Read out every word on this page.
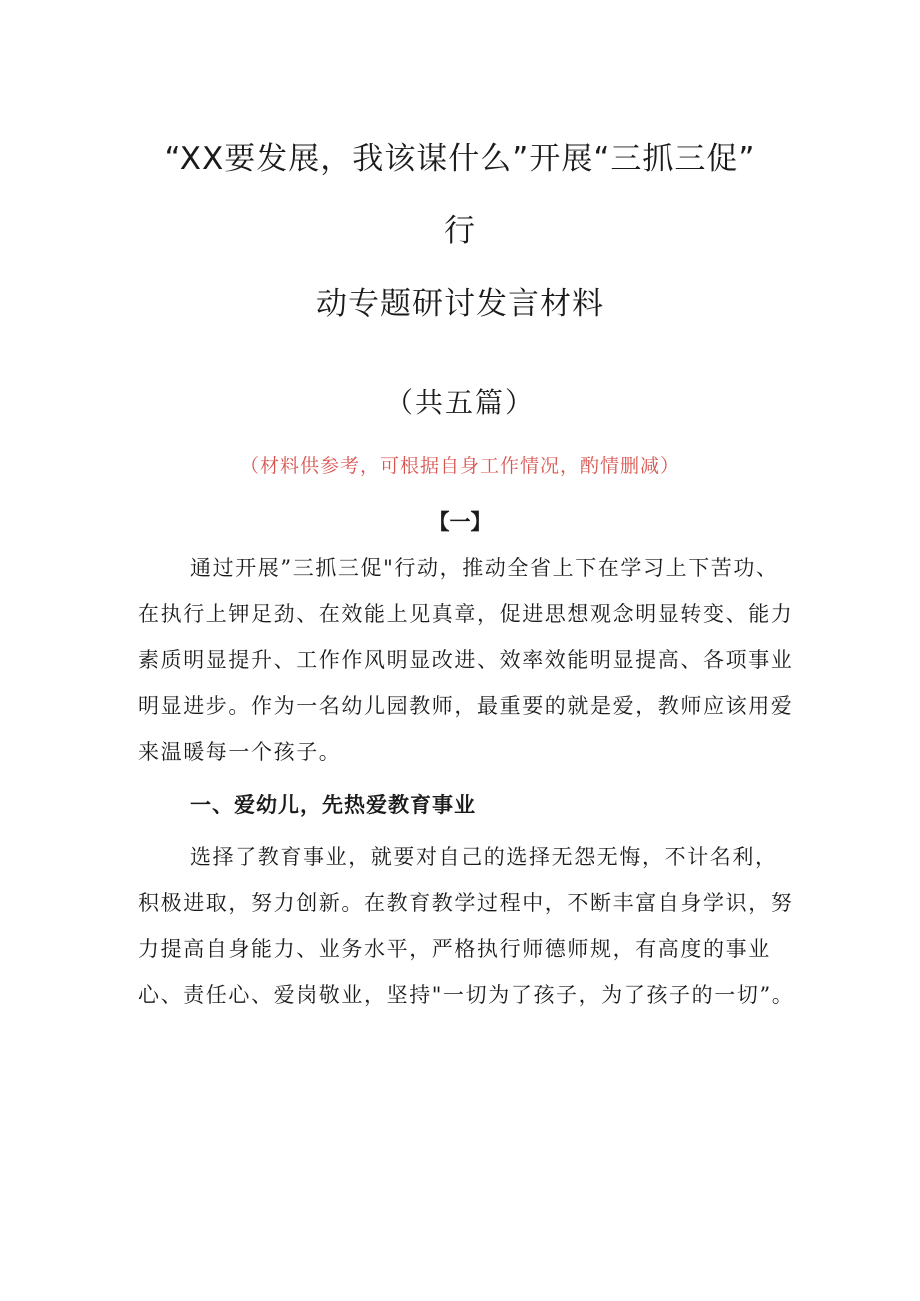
“XX要发展，我该谋什么”开展“三抓三促”
行
动专题研讨发言材料
（共五篇）
（材料供参考，可根据自身工作情况，酌情删减）
【一】

通过开展”三抓三促"行动，推动全省上下在学习上下苦功、在执行上钾足劲、在效能上见真章，促进思想观念明显转变、能力素质明显提升、工作作风明显改进、效率效能明显提高、各项事业明显进步。作为一名幼儿园教师，最重要的就是爱，教师应该用爱来温暖每一个孩子。

一、爱幼儿，先热爱教育事业

选择了教育事业，就要对自己的选择无怨无悔，不计名利，积极进取，努力创新。在教育教学过程中，不断丰富自身学识，努力提高自身能力、业务水平，严格执行师德师规，有高度的事业心、责任心、爱岗敬业，坚持"一切为了孩子，为了孩子的一切”。
